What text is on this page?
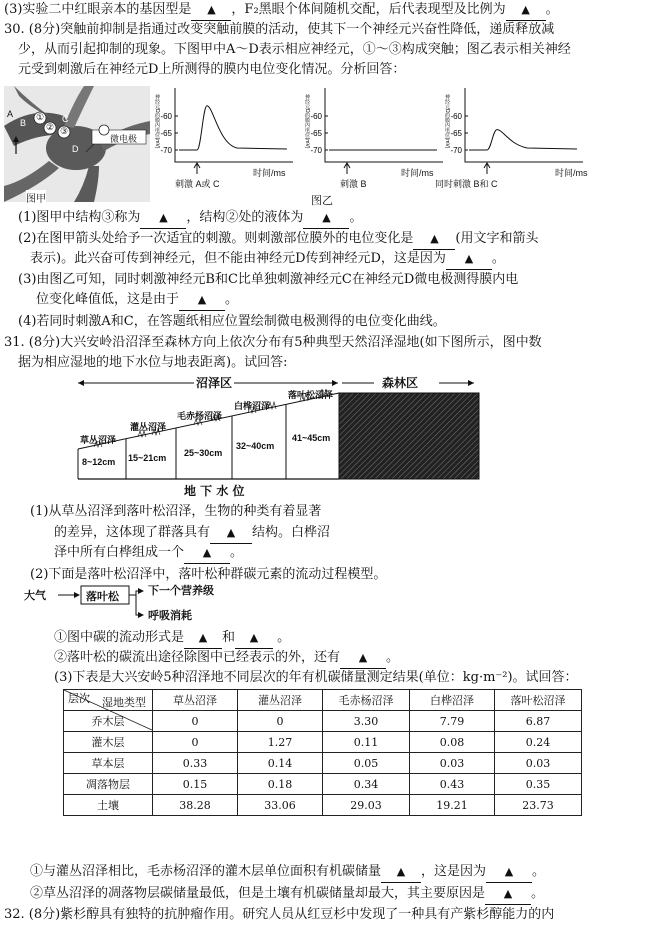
(3)实验二中红眼亲本的基因型是 ▲ ，F₂黑眼个体间随机交配，后代表现型及比例为 ▲ 。
30. (8分)突触前抑制是指通过改变突触前膜的活动，使其下一个神经元兴奋性降低，递质释放减
少，从而引起抑制的现象。下图甲中A～D表示相应神经元，①～③构成突触；图乙表示相关神经
元受到刺激后在神经元D上所测得的膜内电位变化情况。分析回答：
A
B	C
D
①
② ③
微电极
图甲
-60
-65
-70
神经元D的膜内电位(mV)	-60
-65
-70
神经元D的膜内电位(mV)	-60
-65
-70
神经元D的膜内电位(mV)
刺激 A或 C
时间/ms
刺激 B
时间/ms
同时刺激 B和 C
时间/ms
图乙
(1)图甲中结构③称为 ▲ ，结构②处的液体为 ▲ 。
(2)在图甲箭头处给予一次适宜的刺激。则刺激部位膜外的电位变化是 ▲ (用文字和箭头
表示)。此兴奋可传到神经元，但不能由神经元D传到神经元D，这是因为 ▲ 。
(3)由图乙可知，同时刺激神经元B和C比单独刺激神经元C在神经元D微电极测得膜内电
位变化峰值低，这是由于 ▲ 。
(4)若同时刺激A和C，在答题纸相应位置绘制微电极测得的电位变化曲线。
31. (8分)大兴安岭沿沼泽至森林方向上依次分布有5种典型天然沼泽湿地(如下图所示，图中数
据为相应湿地的地下水位与地表距离)。试回答:
沼泽区	森林区
草丛沼泽
8~12cm
灌丛沼泽
15~21cm
毛赤杨沼泽
25~30cm
白桦沼泽
32~40cm
落叶松沼泽
41~45cm
地 下 水 位
(1)从草丛沼泽到落叶松沼泽，生物的种类有着显著
的差异，这体现了群落具有 ▲ 结构。白桦沼
泽中所有白桦组成一个 ▲ 。
(2)下面是落叶松沼泽中，落叶松种群碳元素的流动过程模型。
大气	落叶松	下一个营养级
呼吸消耗
①图中碳的流动形式是 ▲ 和 ▲ 。
②落叶松的碳流出途径除图中已经表示的外，还有 ▲ 。
(3)下表是大兴安岭5种沼泽地不同层次的年有机碳储量测定结果(单位：kg·m⁻²)。试回答：
湿地类型
层次	草丛沼泽	灌丛沼泽	毛赤杨沼泽	白桦沼泽	落叶松沼泽
乔木层	0	0	3.30	7.79	6.87
灌木层	0	1.27	0.11	0.08	0.24
草本层	0.33	0.14	0.05	0.03	0.03
凋落物层	0.15	0.18	0.34	0.43	0.35
土壤	38.28	33.06	29.03	19.21	23.73
①与灌丛沼泽相比，毛赤杨沼泽的灌木层单位面积有机碳储量 ▲ ，这是因为 ▲ 。
②草丛沼泽的凋落物层碳储量最低，但是土壤有机碳储量却最大，其主要原因是 ▲ 。
32. (8分)紫杉醇具有独特的抗肿瘤作用。研究人员从红豆杉中发现了一种具有产紫杉醇能力的内
